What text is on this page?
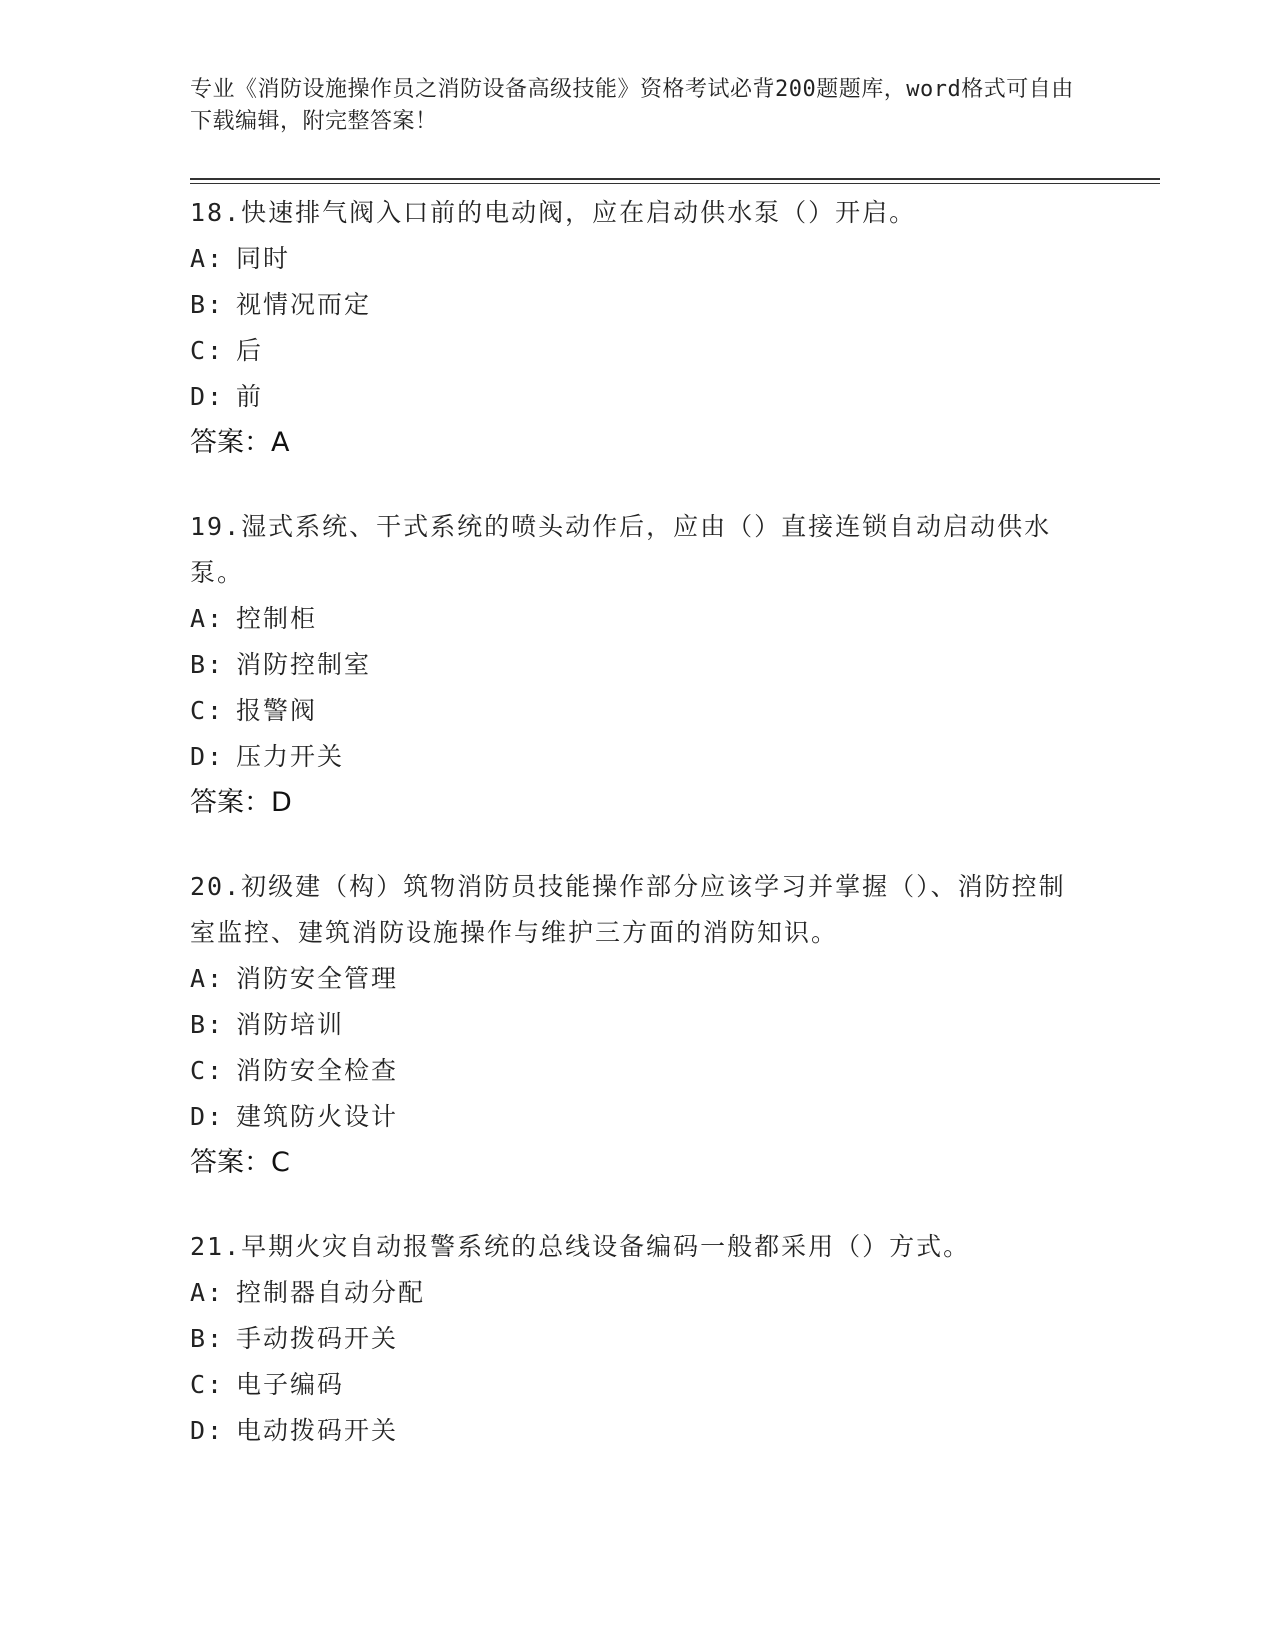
专业《消防设施操作员之消防设备高级技能》资格考试必背200题题库，word格式可自由下载编辑，附完整答案！
18.快速排气阀入口前的电动阀，应在启动供水泵（）开启。
A: 同时
B: 视情况而定
C: 后
D: 前
答案：A
19.湿式系统、干式系统的喷头动作后，应由（）直接连锁自动启动供水泵。
A: 控制柜
B: 消防控制室
C: 报警阀
D: 压力开关
答案：D
20.初级建（构）筑物消防员技能操作部分应该学习并掌握（）、消防控制室监控、建筑消防设施操作与维护三方面的消防知识。
A: 消防安全管理
B: 消防培训
C: 消防安全检查
D: 建筑防火设计
答案：C
21.早期火灾自动报警系统的总线设备编码一般都采用（）方式。
A: 控制器自动分配
B: 手动拨码开关
C: 电子编码
D: 电动拨码开关
